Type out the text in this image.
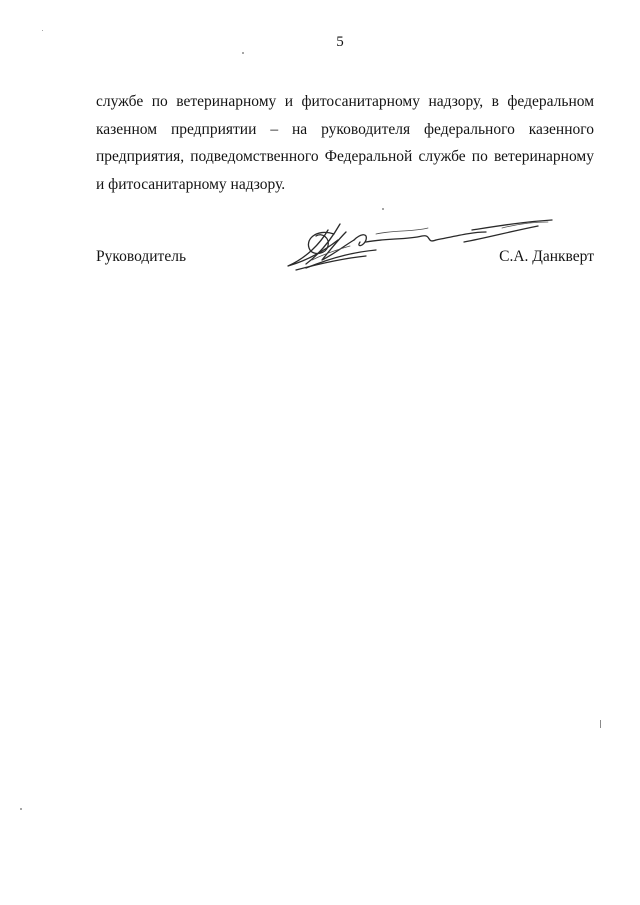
5
службе по ветеринарному и фитосанитарному надзору, в федеральном
казенном предприятии – на руководителя федерального казенного
предприятия, подведомственного Федеральной службе по ветеринарному
и фитосанитарному надзору.
Руководитель	С.А. Данкверт
